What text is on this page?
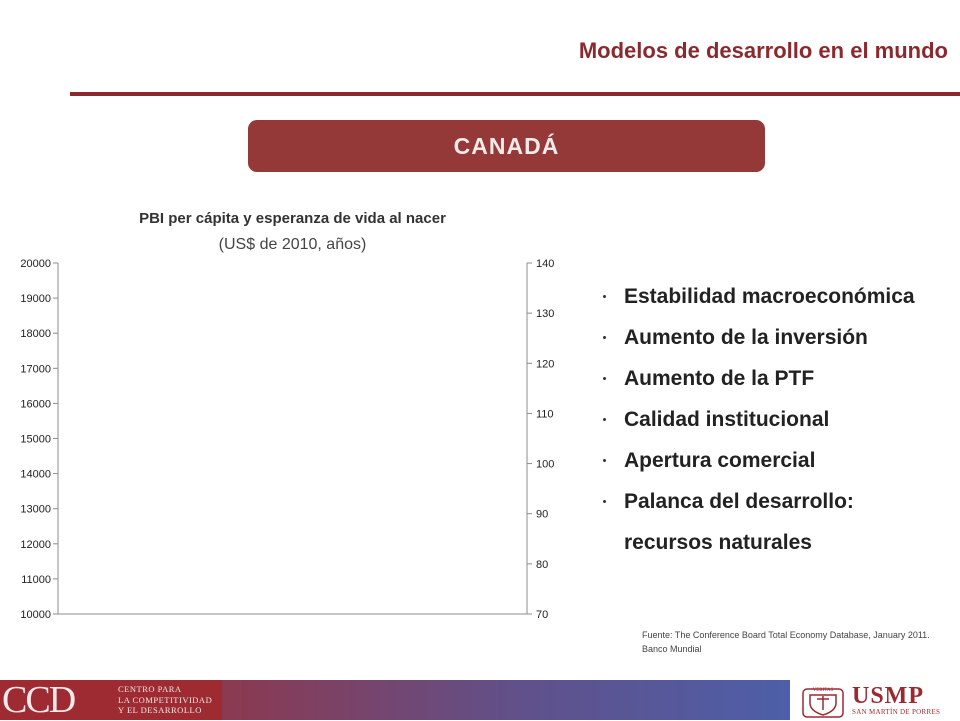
Modelos de desarrollo en el mundo
CANADÁ
PBI per cápita y esperanza de vida al nacer
(US$ de 2010, años)
20000
19000
18000
17000
16000
15000
14000
13000
12000
11000
10000
140
130
120
110
100
90
80
70
Estabilidad macroeconómica
Aumento de la inversión
Aumento de la PTF
Calidad institucional
Apertura comercial
Palanca del desarrollo: recursos naturales
Fuente: The Conference Board Total Economy Database, January 2011. Banco Mundial
CCD	CENTRO PARA
LA COMPETITIVIDAD
Y EL DESARROLLO
VERITAS USMP
SAN MARTÍN DE PORRES
